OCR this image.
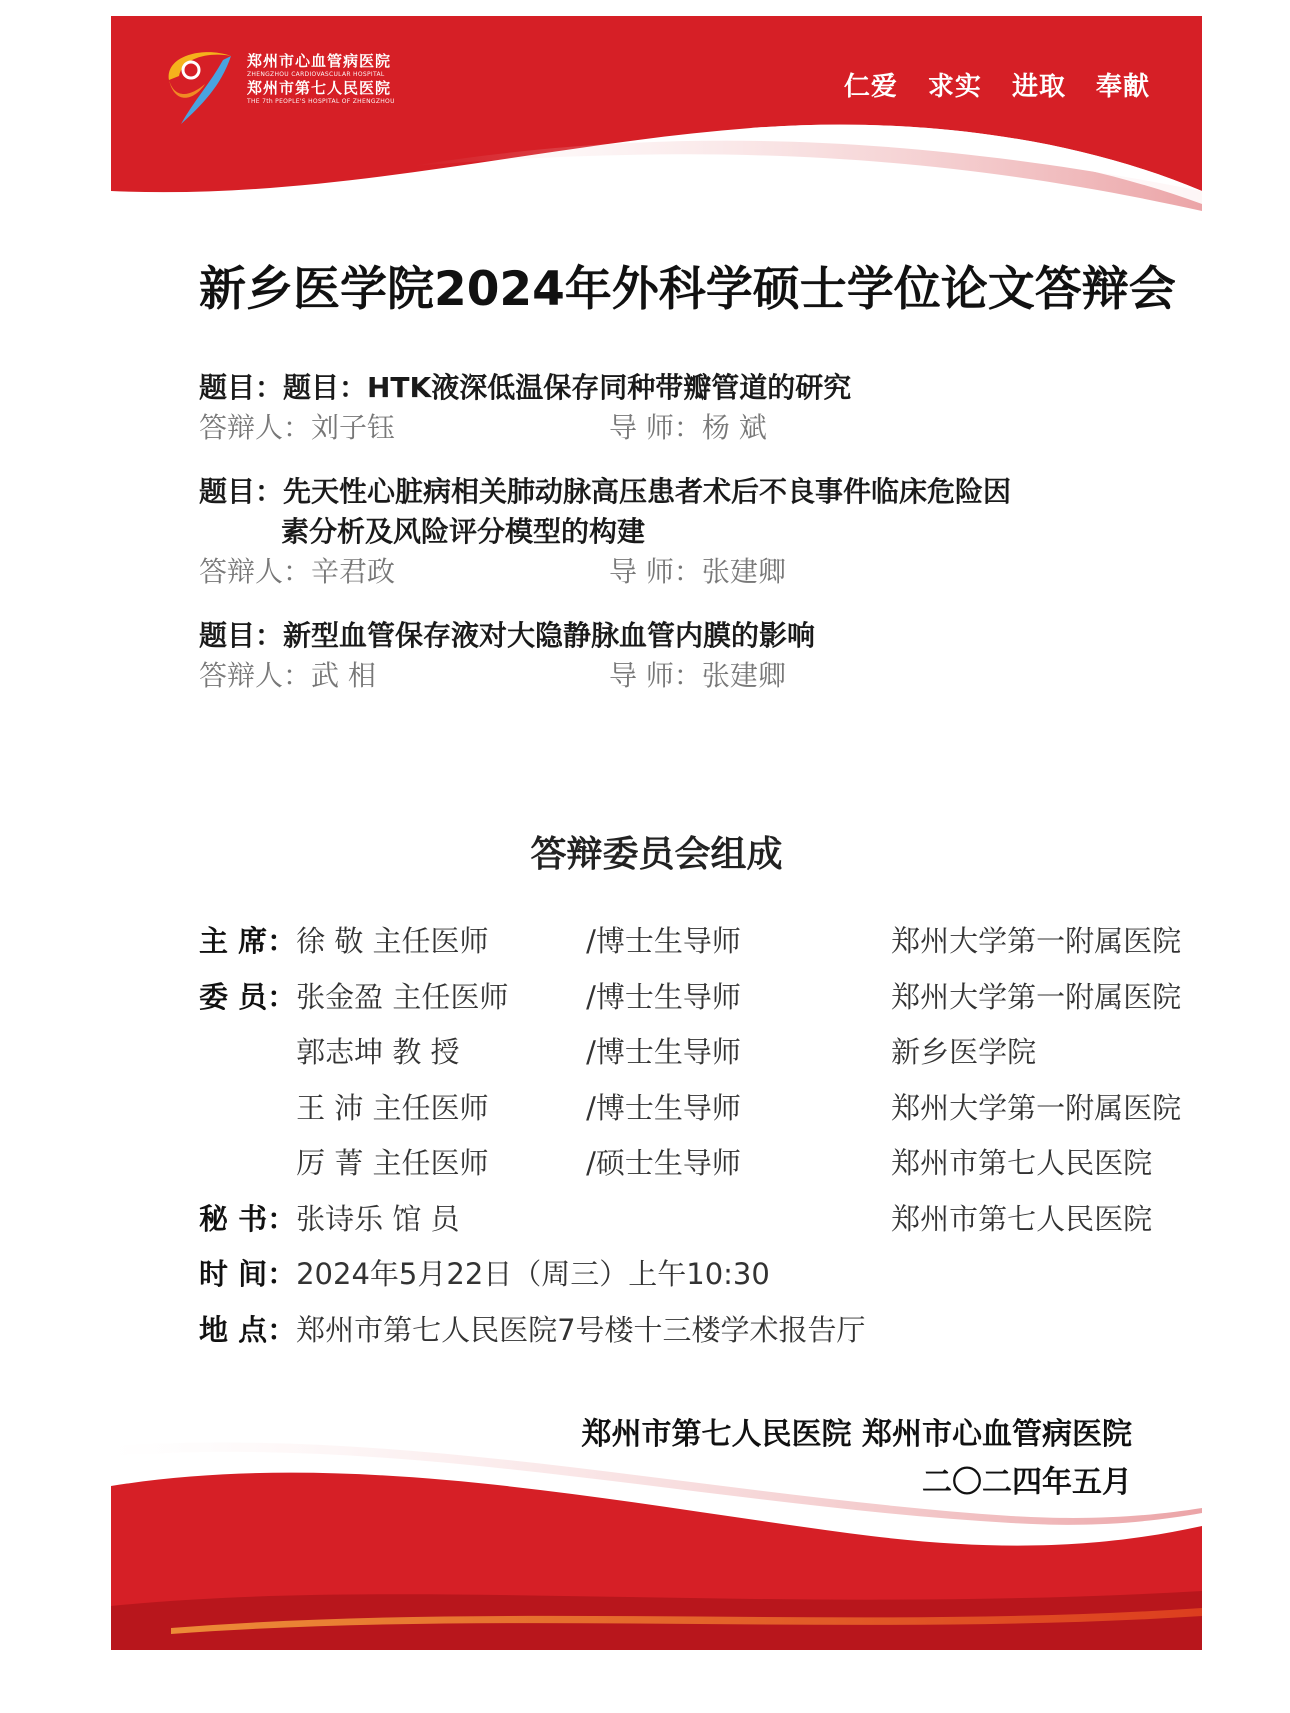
郑州市心血管病医院
ZHENGZHOU CARDIOVASCULAR HOSPITAL
郑州市第七人民医院
THE 7th PEOPLE'S HOSPITAL OF ZHENGZHOU	仁爱 求实 进取 奉献
新乡医学院2024年外科学硕士学位论文答辩会
题目：题目：HTK液深低温保存同种带瓣管道的研究
答辩人：刘子钰	导 师：杨 斌
题目：先天性心脏病相关肺动脉高压患者术后不良事件临床危险因
素分析及风险评分模型的构建
答辩人：辛君政	导 师：张建卿
题目：新型血管保存液对大隐静脉血管内膜的影响
答辩人：武 相	导 师：张建卿
答辩委员会组成
主 席：	徐 敬 主任医师	/博士生导师	郑州大学第一附属医院
委 员：	张金盈 主任医师	/博士生导师	郑州大学第一附属医院
	郭志坤 教 授	/博士生导师	新乡医学院
	王 沛 主任医师	/博士生导师	郑州大学第一附属医院
	厉 菁 主任医师	/硕士生导师	郑州市第七人民医院
秘 书：	张诗乐 馆 员		郑州市第七人民医院
时 间：	2024年5月22日（周三）上午10:30		
地 点：	郑州市第七人民医院7号楼十三楼学术报告厅		
郑州市第七人民医院 郑州市心血管病医院
二〇二四年五月
